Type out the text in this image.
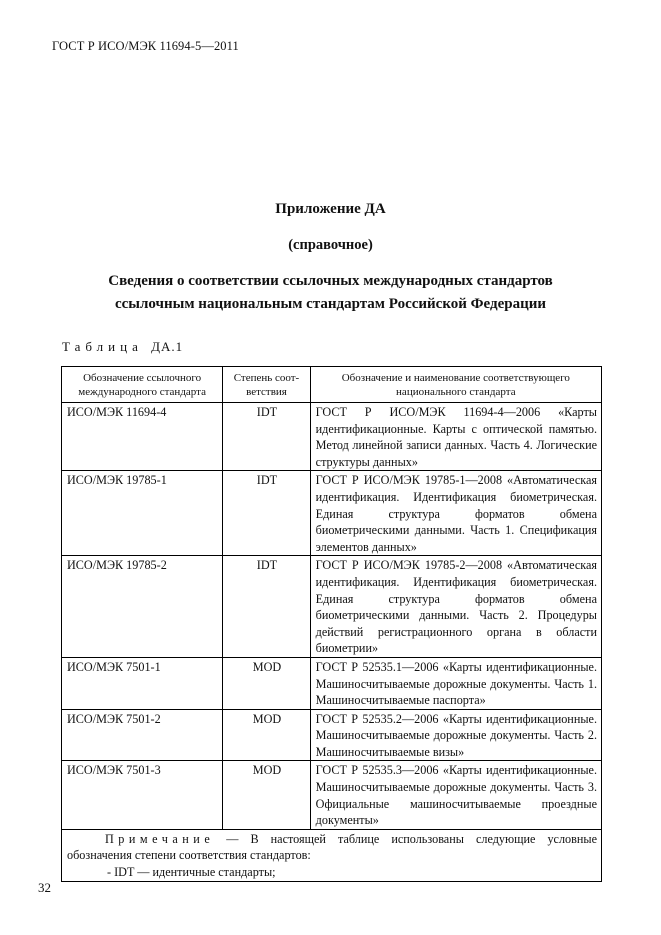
ГОСТ Р ИСО/МЭК 11694-5—2011
Приложение ДА
(справочное)
Сведения о соответствии ссылочных международных стандартов
ссылочным национальным стандартам Российской Федерации
Таблица ДА.1
Обозначение ссылочного международного стандарта	Степень соот-ветствия	Обозначение и наименование соответствующего национального стандарта
ИСО/МЭК 11694-4	IDT	ГОСТ Р ИСО/МЭК 11694-4—2006 «Карты идентификационные. Карты с оптической памятью. Метод линейной записи данных. Часть 4. Логические структуры данных»
ИСО/МЭК 19785-1	IDT	ГОСТ Р ИСО/МЭК 19785-1—2008 «Автоматическая идентификация. Идентификация биометрическая. Единая структура форматов обмена биометрическими данными. Часть 1. Спецификация элементов данных»
ИСО/МЭК 19785-2	IDT	ГОСТ Р ИСО/МЭК 19785-2—2008 «Автоматическая идентификация. Идентификация биометрическая. Единая структура форматов обмена биометрическими данными. Часть 2. Процедуры действий регистрационного органа в области биометрии»
ИСО/МЭК 7501-1	MOD	ГОСТ Р 52535.1—2006 «Карты идентификационные. Машиносчитываемые дорожные документы. Часть 1. Машиносчитываемые паспорта»
ИСО/МЭК 7501-2	MOD	ГОСТ Р 52535.2—2006 «Карты идентификационные. Машиносчитываемые дорожные документы. Часть 2. Машиносчитываемые визы»
ИСО/МЭК 7501-3	MOD	ГОСТ Р 52535.3—2006 «Карты идентификационные. Машиносчитываемые дорожные документы. Часть 3. Официальные машиносчитываемые проездные документы»
Примечание — В настоящей таблице использованы следующие условные обозначения степени соответствия стандартов:
- IDT — идентичные стандарты;		
32
